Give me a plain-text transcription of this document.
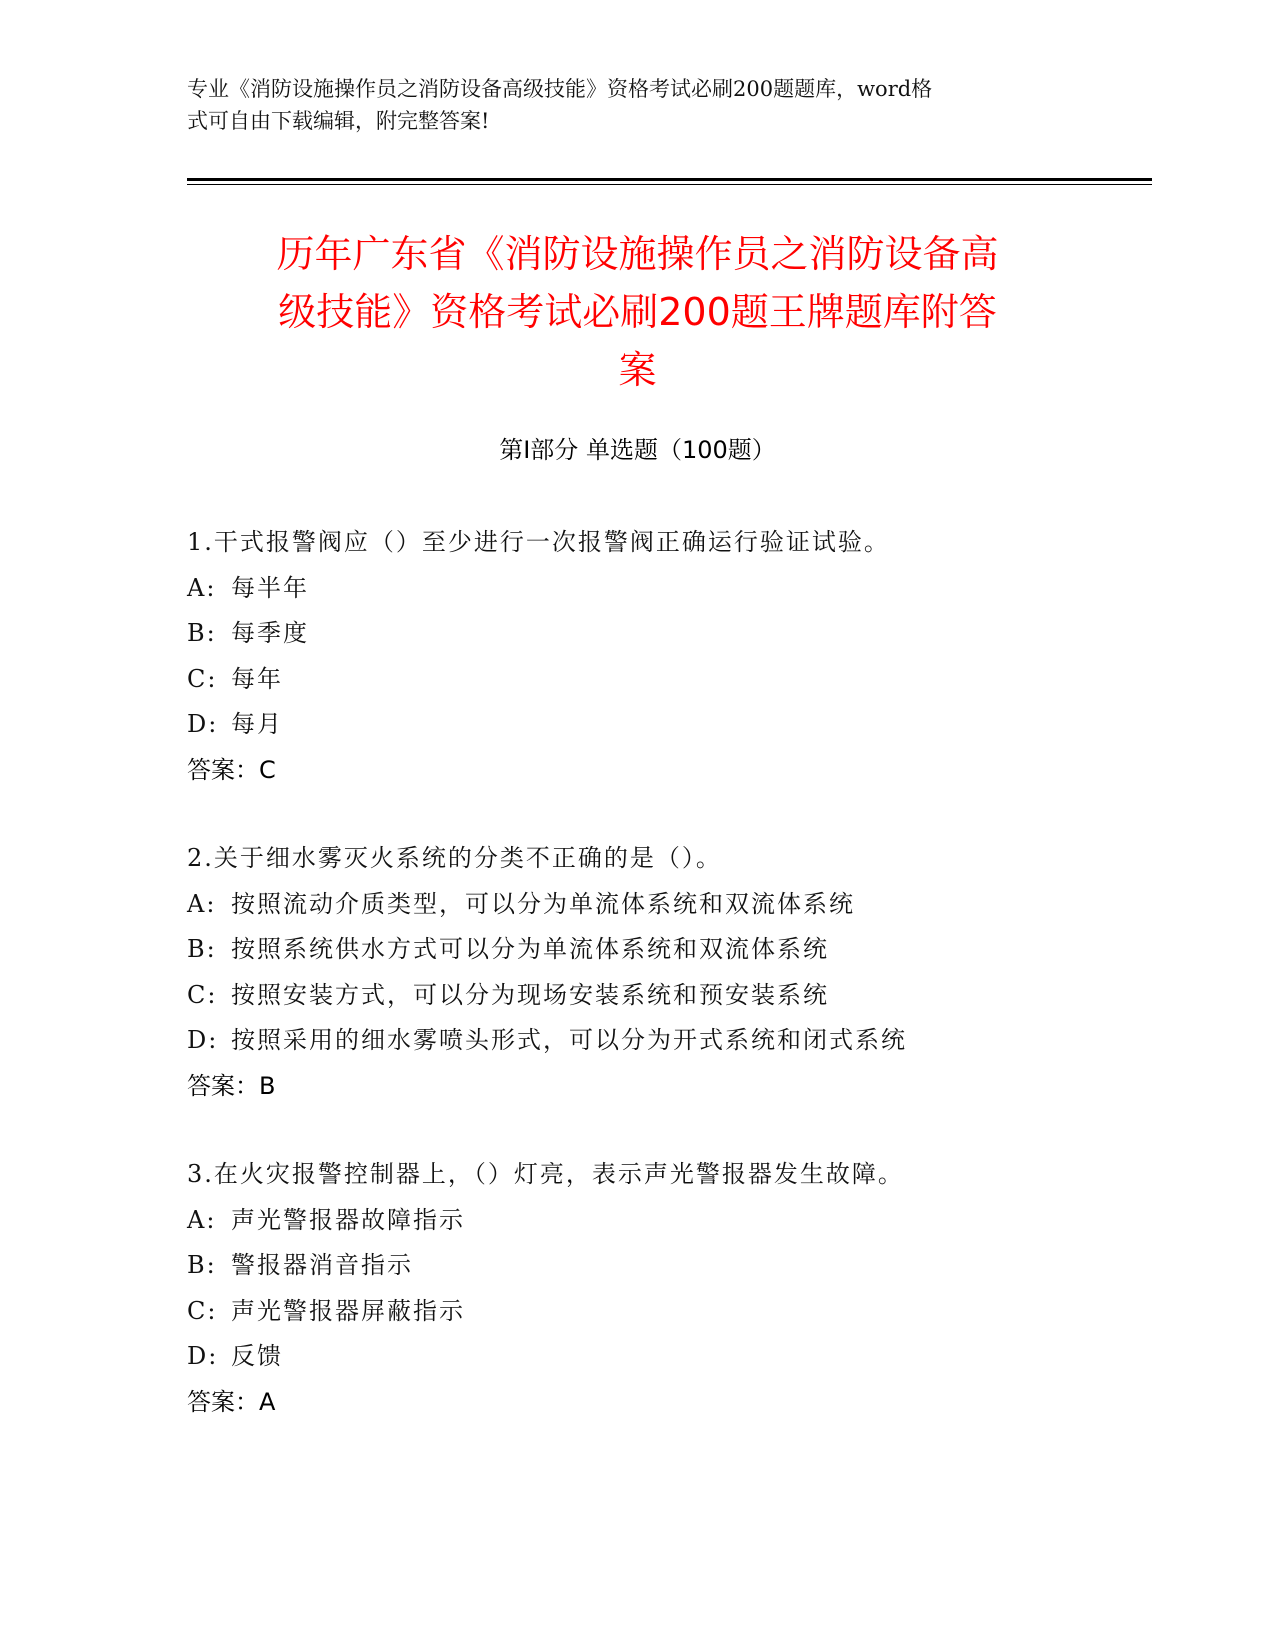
专业《消防设施操作员之消防设备高级技能》资格考试必刷200题题库，word格
式可自由下载编辑，附完整答案!
历年广东省《消防设施操作员之消防设备高
级技能》资格考试必刷200题王牌题库附答
案
第Ⅰ部分 单选题（100题）
1.干式报警阀应（）至少进行一次报警阀正确运行验证试验。
A: 每半年
B: 每季度
C: 每年
D: 每月
答案：C
2.关于细水雾灭火系统的分类不正确的是（）。
A: 按照流动介质类型，可以分为单流体系统和双流体系统
B: 按照系统供水方式可以分为单流体系统和双流体系统
C: 按照安装方式，可以分为现场安装系统和预安装系统
D: 按照采用的细水雾喷头形式，可以分为开式系统和闭式系统
答案：B
3.在火灾报警控制器上，（）灯亮，表示声光警报器发生故障。
A: 声光警报器故障指示
B: 警报器消音指示
C: 声光警报器屏蔽指示
D: 反馈
答案：A
